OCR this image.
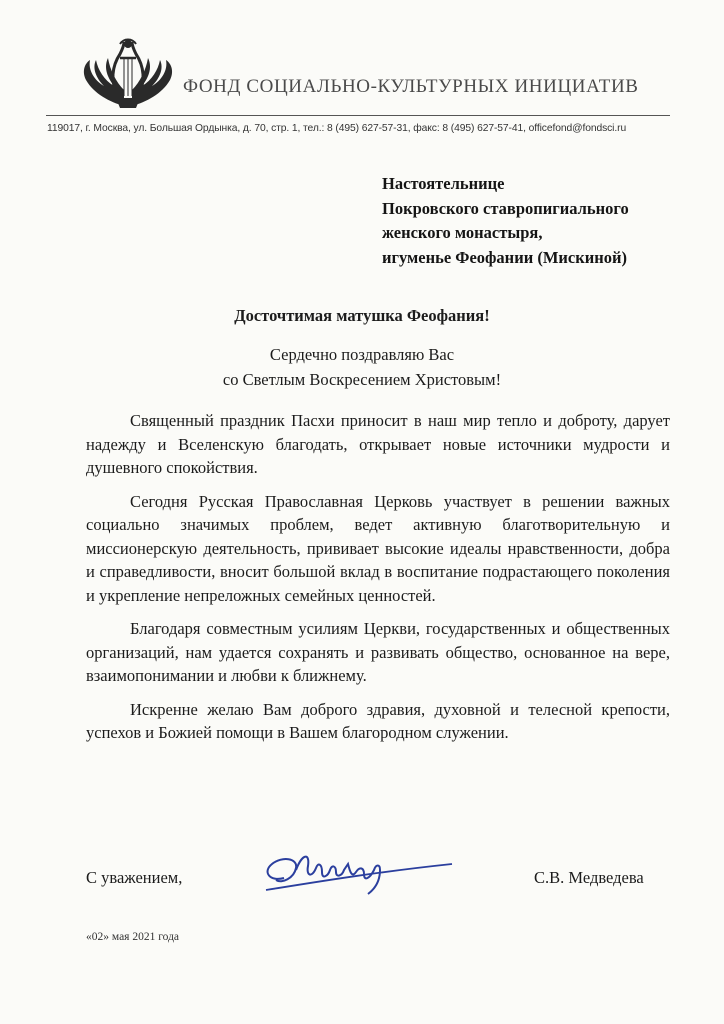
ФОНД СОЦИАЛЬНО-КУЛЬТУРНЫХ ИНИЦИАТИВ
119017, г. Москва, ул. Большая Ордынка, д. 70, стр. 1, тел.: 8 (495) 627-57-31, факс: 8 (495) 627-57-41, officefond@fondsci.ru
Настоятельнице
Покровского ставропигиального
женского монастыря,
игуменье Феофании (Мискиной)
Досточтимая матушка Феофания!
Сердечно поздравляю Вас
со Светлым Воскресением Христовым!

Священный праздник Пасхи приносит в наш мир тепло и доброту, дарует надежду и Вселенскую благодать, открывает новые источники мудрости и душевного спокойствия.

Сегодня Русская Православная Церковь участвует в решении важных социально значимых проблем, ведет активную благотворительную и миссионерскую деятельность, прививает высокие идеалы нравственности, добра и справедливости, вносит большой вклад в воспитание подрастающего поколения и укрепление непреложных семейных ценностей.

Благодаря совместным усилиям Церкви, государственных и общественных организаций, нам удается сохранять и развивать общество, основанное на вере, взаимопонимании и любви к ближнему.

Искренне желаю Вам доброго здравия, духовной и телесной крепости, успехов и Божией помощи в Вашем благородном служении.

С уважением,	С.В. Медведева
«02» мая 2021 года
